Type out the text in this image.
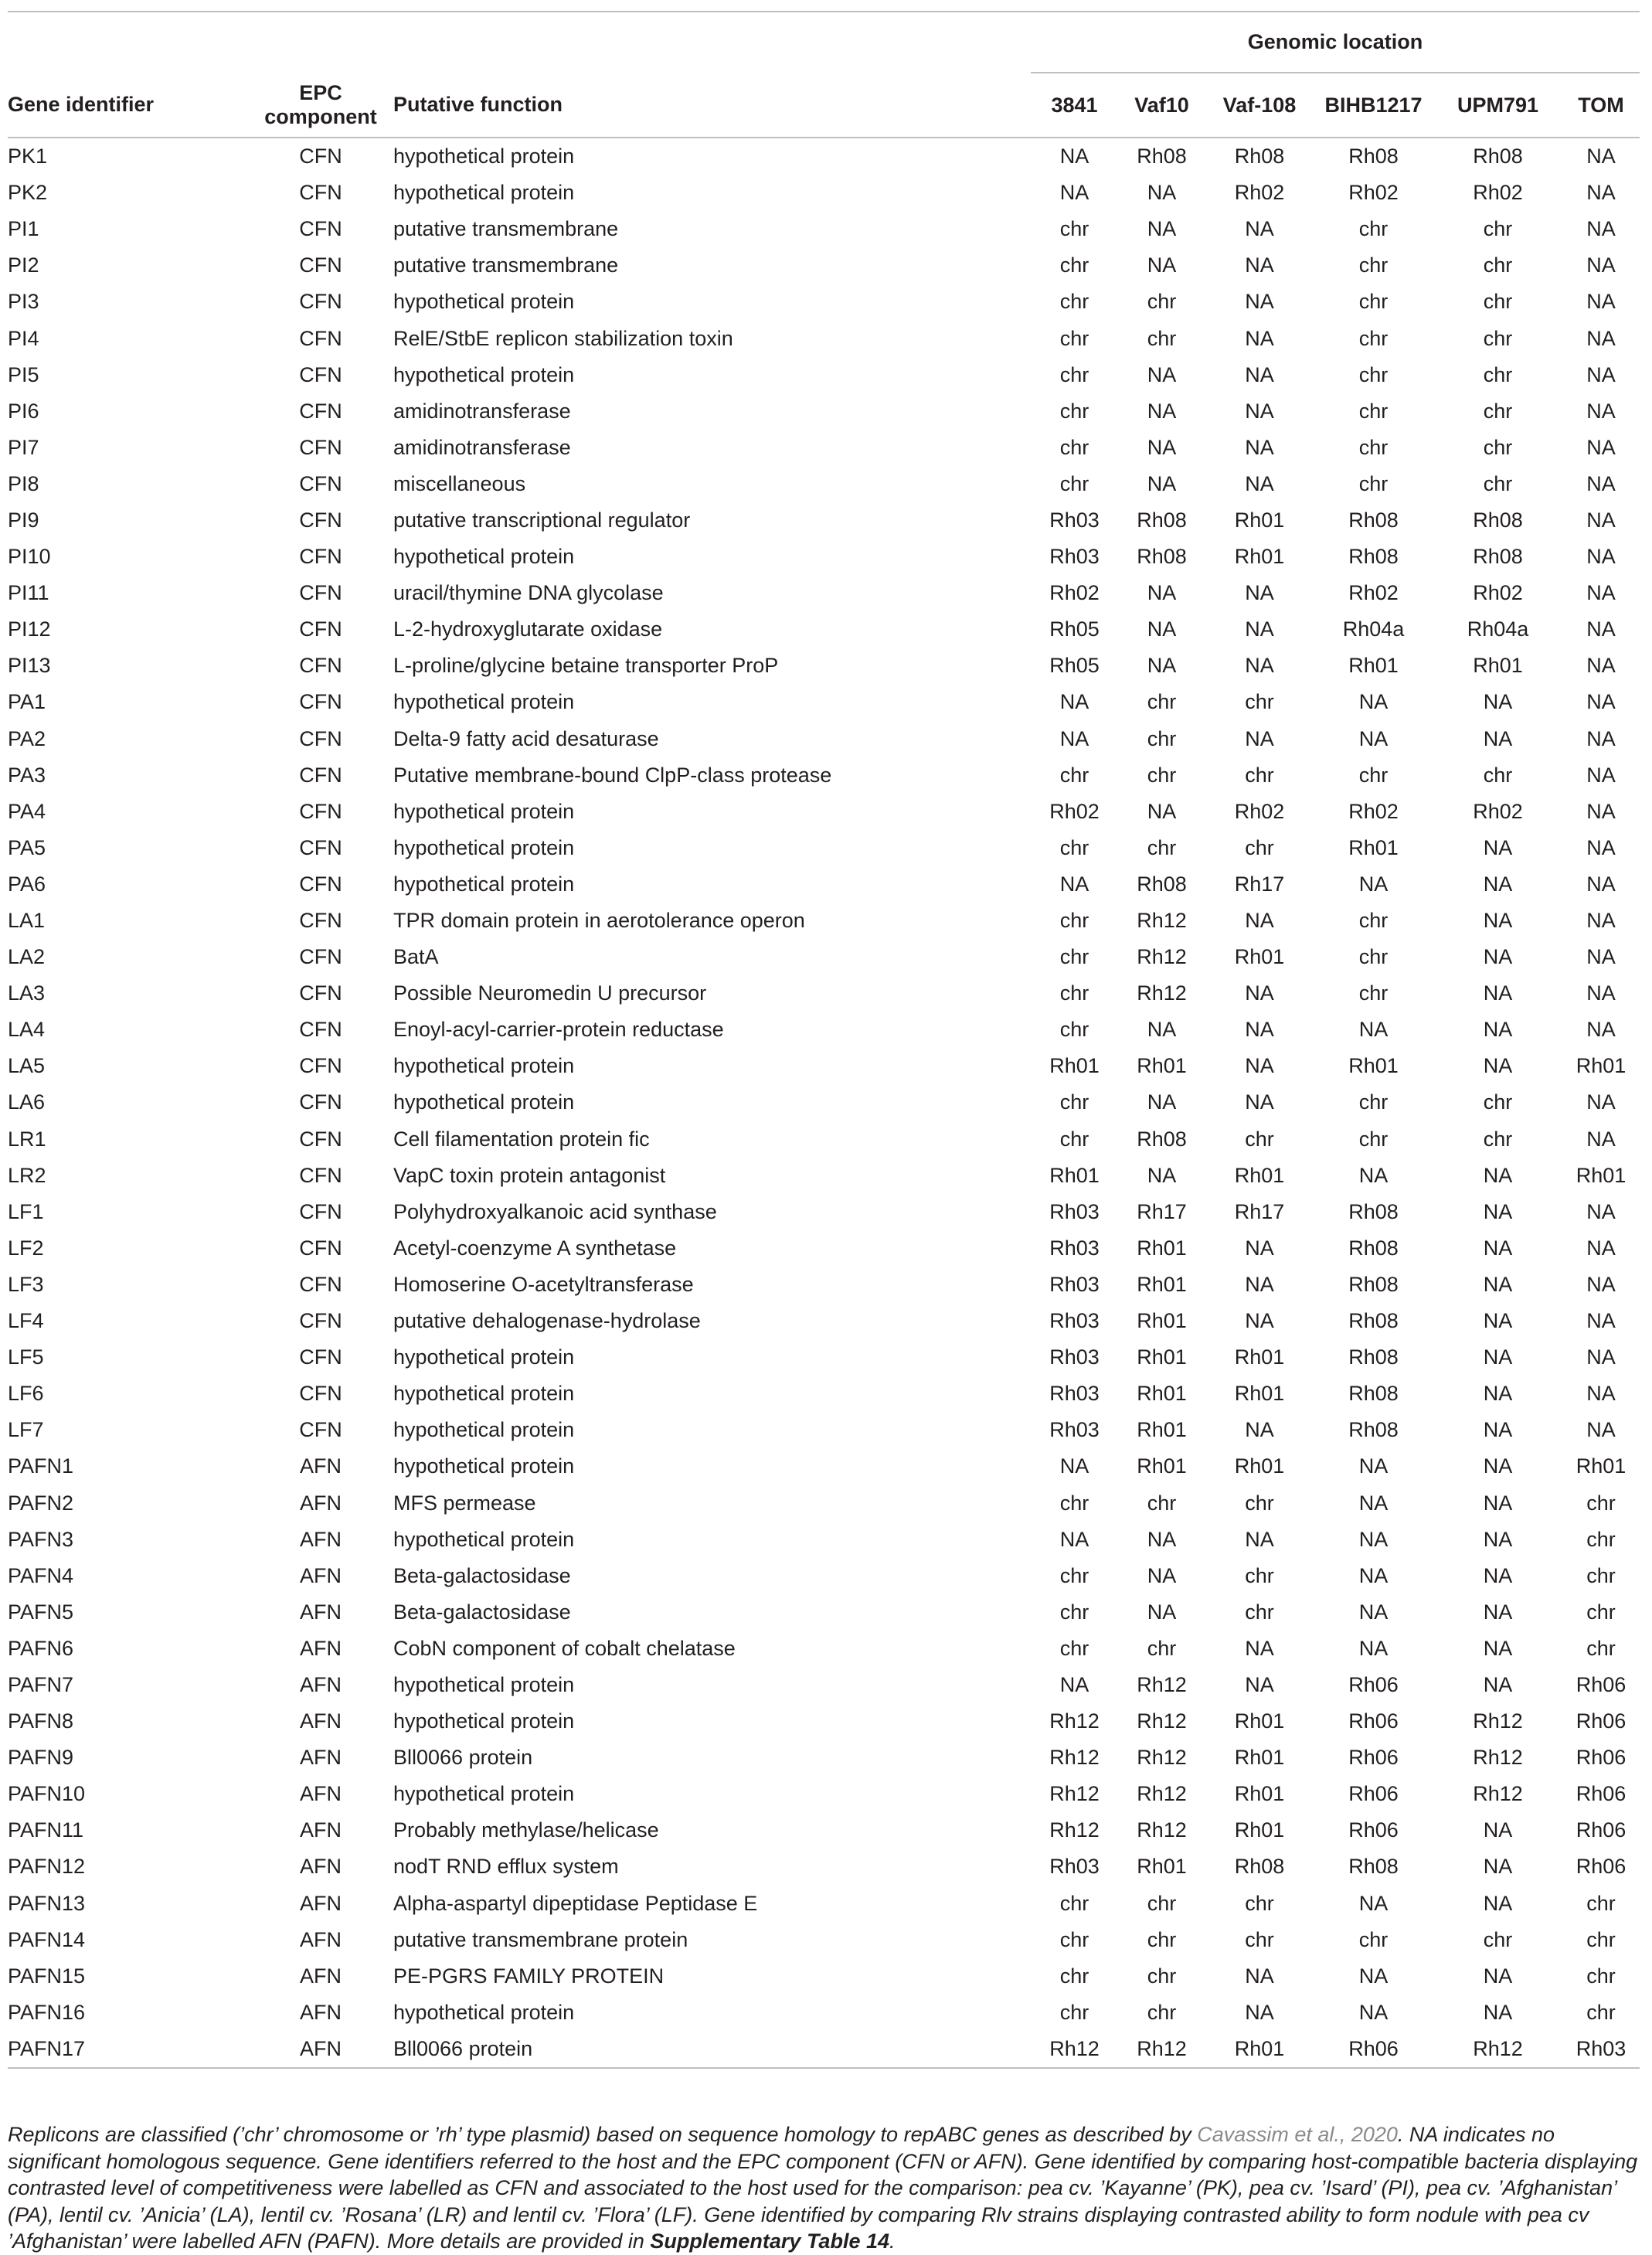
			Genomic location					
Gene identifier	EPC component	Putative function	3841	Vaf10	Vaf-108	BIHB1217	UPM791	TOM
PK1	CFN	hypothetical protein	NA	Rh08	Rh08	Rh08	Rh08	NA
PK2	CFN	hypothetical protein	NA	NA	Rh02	Rh02	Rh02	NA
PI1	CFN	putative transmembrane	chr	NA	NA	chr	chr	NA
PI2	CFN	putative transmembrane	chr	NA	NA	chr	chr	NA
PI3	CFN	hypothetical protein	chr	chr	NA	chr	chr	NA
PI4	CFN	RelE/StbE replicon stabilization toxin	chr	chr	NA	chr	chr	NA
PI5	CFN	hypothetical protein	chr	NA	NA	chr	chr	NA
PI6	CFN	amidinotransferase	chr	NA	NA	chr	chr	NA
PI7	CFN	amidinotransferase	chr	NA	NA	chr	chr	NA
PI8	CFN	miscellaneous	chr	NA	NA	chr	chr	NA
PI9	CFN	putative transcriptional regulator	Rh03	Rh08	Rh01	Rh08	Rh08	NA
PI10	CFN	hypothetical protein	Rh03	Rh08	Rh01	Rh08	Rh08	NA
PI11	CFN	uracil/thymine DNA glycolase	Rh02	NA	NA	Rh02	Rh02	NA
PI12	CFN	L-2-hydroxyglutarate oxidase	Rh05	NA	NA	Rh04a	Rh04a	NA
PI13	CFN	L-proline/glycine betaine transporter ProP	Rh05	NA	NA	Rh01	Rh01	NA
PA1	CFN	hypothetical protein	NA	chr	chr	NA	NA	NA
PA2	CFN	Delta-9 fatty acid desaturase	NA	chr	NA	NA	NA	NA
PA3	CFN	Putative membrane-bound ClpP-class protease	chr	chr	chr	chr	chr	NA
PA4	CFN	hypothetical protein	Rh02	NA	Rh02	Rh02	Rh02	NA
PA5	CFN	hypothetical protein	chr	chr	chr	Rh01	NA	NA
PA6	CFN	hypothetical protein	NA	Rh08	Rh17	NA	NA	NA
LA1	CFN	TPR domain protein in aerotolerance operon	chr	Rh12	NA	chr	NA	NA
LA2	CFN	BatA	chr	Rh12	Rh01	chr	NA	NA
LA3	CFN	Possible Neuromedin U precursor	chr	Rh12	NA	chr	NA	NA
LA4	CFN	Enoyl-acyl-carrier-protein reductase	chr	NA	NA	NA	NA	NA
LA5	CFN	hypothetical protein	Rh01	Rh01	NA	Rh01	NA	Rh01
LA6	CFN	hypothetical protein	chr	NA	NA	chr	chr	NA
LR1	CFN	Cell filamentation protein fic	chr	Rh08	chr	chr	chr	NA
LR2	CFN	VapC toxin protein antagonist	Rh01	NA	Rh01	NA	NA	Rh01
LF1	CFN	Polyhydroxyalkanoic acid synthase	Rh03	Rh17	Rh17	Rh08	NA	NA
LF2	CFN	Acetyl-coenzyme A synthetase	Rh03	Rh01	NA	Rh08	NA	NA
LF3	CFN	Homoserine O-acetyltransferase	Rh03	Rh01	NA	Rh08	NA	NA
LF4	CFN	putative dehalogenase-hydrolase	Rh03	Rh01	NA	Rh08	NA	NA
LF5	CFN	hypothetical protein	Rh03	Rh01	Rh01	Rh08	NA	NA
LF6	CFN	hypothetical protein	Rh03	Rh01	Rh01	Rh08	NA	NA
LF7	CFN	hypothetical protein	Rh03	Rh01	NA	Rh08	NA	NA
PAFN1	AFN	hypothetical protein	NA	Rh01	Rh01	NA	NA	Rh01
PAFN2	AFN	MFS permease	chr	chr	chr	NA	NA	chr
PAFN3	AFN	hypothetical protein	NA	NA	NA	NA	NA	chr
PAFN4	AFN	Beta-galactosidase	chr	NA	chr	NA	NA	chr
PAFN5	AFN	Beta-galactosidase	chr	NA	chr	NA	NA	chr
PAFN6	AFN	CobN component of cobalt chelatase	chr	chr	NA	NA	NA	chr
PAFN7	AFN	hypothetical protein	NA	Rh12	NA	Rh06	NA	Rh06
PAFN8	AFN	hypothetical protein	Rh12	Rh12	Rh01	Rh06	Rh12	Rh06
PAFN9	AFN	Bll0066 protein	Rh12	Rh12	Rh01	Rh06	Rh12	Rh06
PAFN10	AFN	hypothetical protein	Rh12	Rh12	Rh01	Rh06	Rh12	Rh06
PAFN11	AFN	Probably methylase/helicase	Rh12	Rh12	Rh01	Rh06	NA	Rh06
PAFN12	AFN	nodT RND efflux system	Rh03	Rh01	Rh08	Rh08	NA	Rh06
PAFN13	AFN	Alpha-aspartyl dipeptidase Peptidase E	chr	chr	chr	NA	NA	chr
PAFN14	AFN	putative transmembrane protein	chr	chr	chr	chr	chr	chr
PAFN15	AFN	PE-PGRS FAMILY PROTEIN	chr	chr	NA	NA	NA	chr
PAFN16	AFN	hypothetical protein	chr	chr	NA	NA	NA	chr
PAFN17	AFN	Bll0066 protein	Rh12	Rh12	Rh01	Rh06	Rh12	Rh03

Replicons are classified (’chr’ chromosome or ’rh’ type plasmid) based on sequence homology to repABC genes as described by Cavassim et al., 2020. NA indicates no significant homologous sequence. Gene identifiers referred to the host and the EPC component (CFN or AFN). Gene identified by comparing host-compatible bacteria displaying contrasted level of competitiveness were labelled as CFN and associated to the host used for the comparison: pea cv. ’Kayanne’ (PK), pea cv. ’Isard’ (PI), pea cv. ’Afghanistan’ (PA), lentil cv. ’Anicia’ (LA), lentil cv. ’Rosana’ (LR) and lentil cv. ’Flora’ (LF). Gene identified by comparing Rlv strains displaying contrasted ability to form nodule with pea cv ’Afghanistan’ were labelled AFN (PAFN). More details are provided in Supplementary Table 14.
